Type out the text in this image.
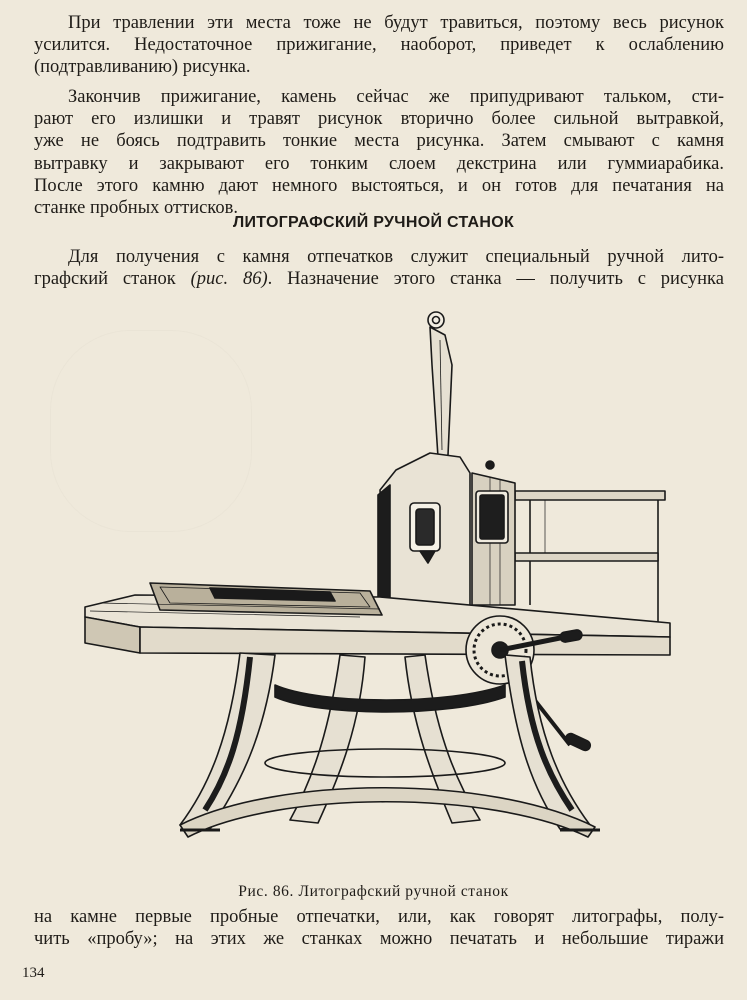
При травлении эти места тоже не будут травиться, поэтому весь рисунок
усилится. Недостаточное прижигание, наоборот, приведет к ослаблению
(подтравливанию) рисунка.

Закончив прижигание, камень сейчас же припудривают тальком, сти-
рают его излишки и травят рисунок вторично более сильной вытравкой,
уже не боясь подтравить тонкие места рисунка. Затем смывают с камня
вытравку и закрывают его тонким слоем декстрина или гуммиарабика.
После этого камню дают немного выстояться, и он готов для печатания на
станке пробных оттисков.

ЛИТОГРАФСКИЙ РУЧНОЙ СТАНОК

Для получения с камня отпечатков служит специальный ручной лито-
графский станок (рис. 86). Назначение этого станка — получить с рисунка

Рис. 86. Литографский ручной станок

на камне первые пробные отпечатки, или, как говорят литографы, полу-
чить «пробу»; на этих же станках можно печатать и небольшие тиражи

134
